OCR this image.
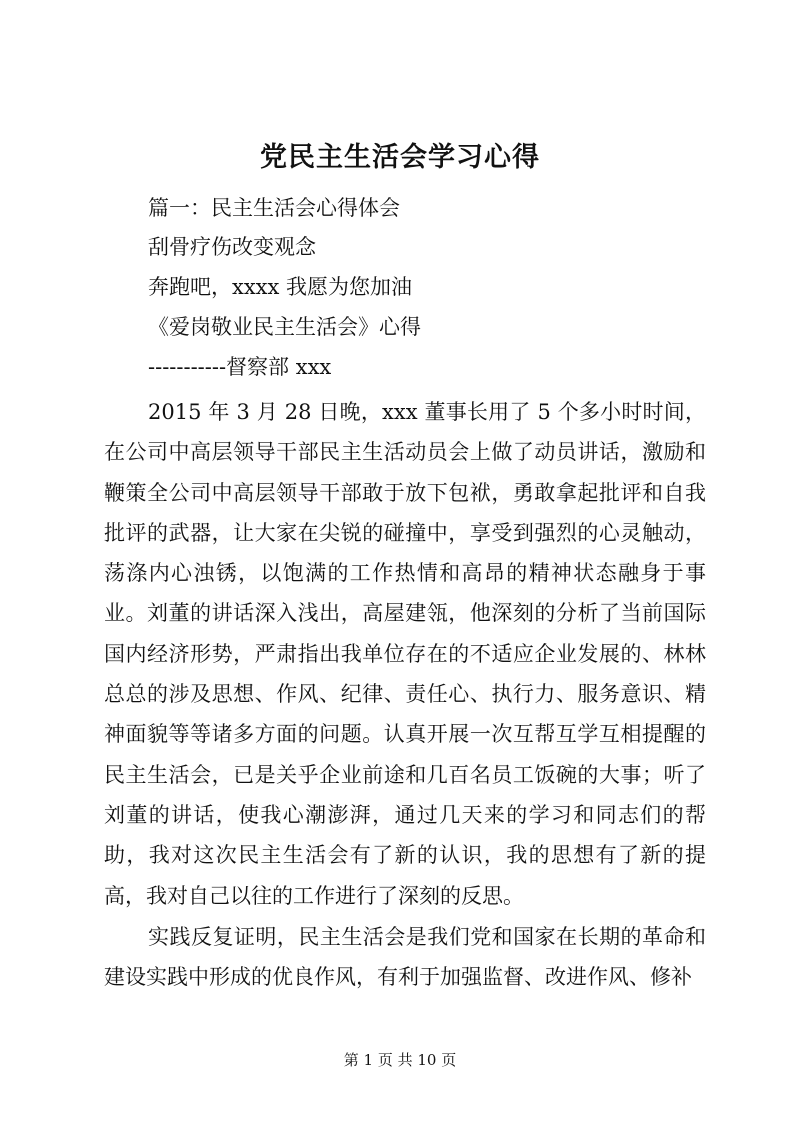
党民主生活会学习心得
篇一：民主生活会心得体会
刮骨疗伤改变观念
奔跑吧，xxxx 我愿为您加油
《爱岗敬业民主生活会》心得
-----------督察部 xxx

2015 年 3 月 28 日晚，xxx 董事长用了 5 个多小时时间，在公司中高层领导干部民主生活动员会上做了动员讲话，激励和鞭策全公司中高层领导干部敢于放下包袱，勇敢拿起批评和自我批评的武器，让大家在尖锐的碰撞中，享受到强烈的心灵触动，荡涤内心浊锈，以饱满的工作热情和高昂的精神状态融身于事业。刘董的讲话深入浅出，高屋建瓴，他深刻的分析了当前国际国内经济形势，严肃指出我单位存在的不适应企业发展的、林林总总的涉及思想、作风、纪律、责任心、执行力、服务意识、精神面貌等等诸多方面的问题。认真开展一次互帮互学互相提醒的民主生活会，已是关乎企业前途和几百名员工饭碗的大事；听了刘董的讲话，使我心潮澎湃，通过几天来的学习和同志们的帮助，我对这次民主生活会有了新的认识，我的思想有了新的提高，我对自己以往的工作进行了深刻的反思。

实践反复证明，民主生活会是我们党和国家在长期的革命和建设实践中形成的优良作风，有利于加强监督、改进作风、修补

第 1 页 共 10 页
